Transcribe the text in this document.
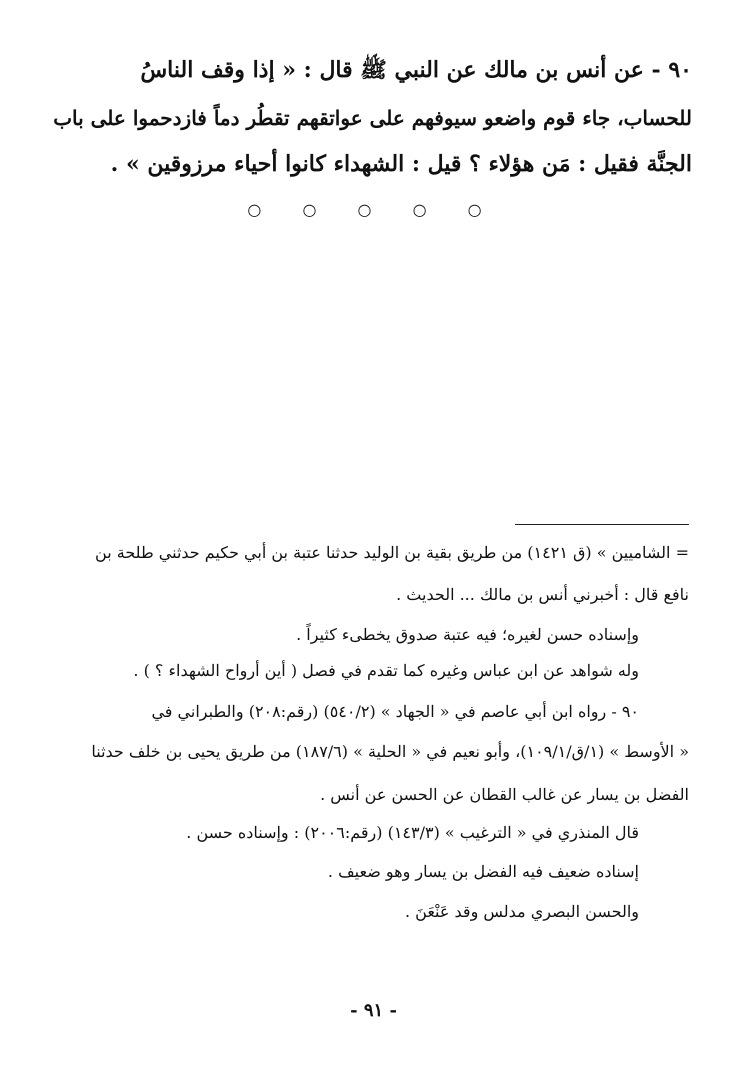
٩٠ - عن أنس بن مالك عن النبي ﷺ قال : « إذا وقف الناسُ
للحساب، جاء قوم واضعو سيوفهم على عواتقهم تقطُر دماً فازدحموا على باب
الجنَّة فقيل : مَن هؤلاء ؟ قيل : الشهداء كانوا أحياء مرزوقين » .
○ ○ ○ ○ ○
= الشاميين » (ق ١٤٢١) من طريق بقية بن الوليد حدثنا عتبة بن أبي حكيم حدثني طلحة بن
نافع قال : أخبرني أنس بن مالك ... الحديث .
وإسناده حسن لغيره؛ فيه عتبة صدوق يخطىء كثيراً .
وله شواهد عن ابن عباس وغيره كما تقدم في فصل ( أين أرواح الشهداء ؟ ) .
٩٠ - رواه ابن أبي عاصم في « الجهاد » (٥٤٠/٢) (رقم:٢٠٨) والطبراني في
« الأوسط » (١/ق/١٠٩/١)، وأبو نعيم في « الحلية » (١٨٧/٦) من طريق يحيى بن خلف حدثنا
الفضل بن يسار عن غالب القطان عن الحسن عن أنس .
قال المنذري في « الترغيب » (١٤٣/٣) (رقم:٢٠٠٦) : وإسناده حسن .
إسناده ضعيف فيه الفضل بن يسار وهو ضعيف .
والحسن البصري مدلس وقد عَنْعَنَ .
- ٩١ -
